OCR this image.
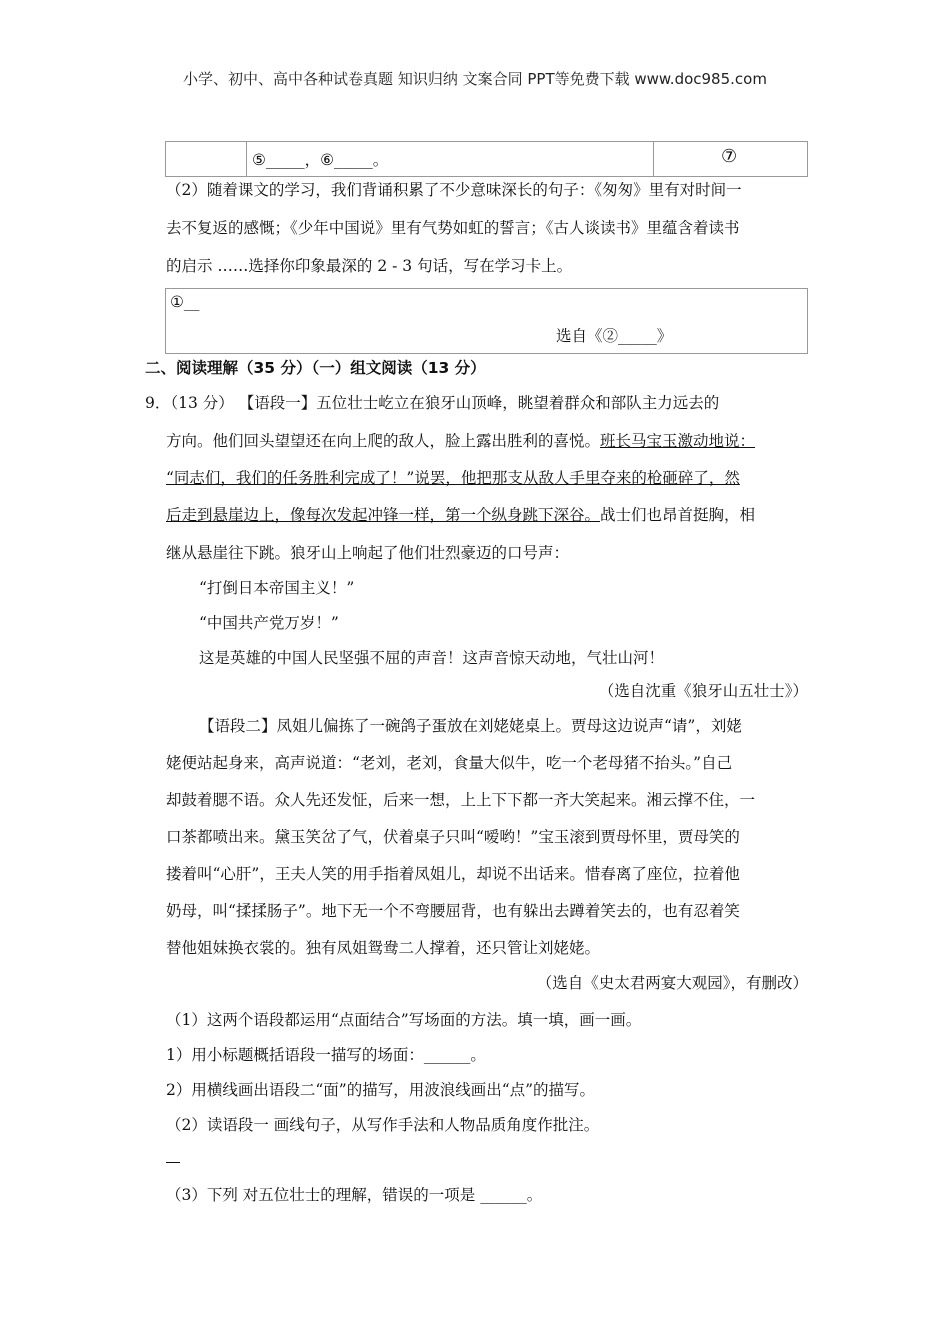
小学、初中、高中各种试卷真题 知识归纳 文案合同 PPT等免费下载 www.doc985.com
⑤_____，⑥_____。	⑦
（2）随着课文的学习，我们背诵积累了不少意味深长的句子：《匆匆》里有对时间一
去不复返的感慨；《少年中国说》里有气势如虹的誓言；《古人谈读书》里蕴含着读书
的启示 ……选择你印象最深的 2 - 3 句话，写在学习卡上。
①__
选自《②_____》
二、阅读理解（35 分）（一）组文阅读（13 分）
9．（13 分） 【语段一】五位壮士屹立在狼牙山顶峰，眺望着群众和部队主力远去的
方向。他们回头望望还在向上爬的敌人，脸上露出胜利的喜悦。班长马宝玉激动地说：
“同志们，我们的任务胜利完成了！”说罢，他把那支从敌人手里夺来的枪砸碎了，然
后走到悬崖边上，像每次发起冲锋一样，第一个纵身跳下深谷。战士们也昂首挺胸，相
继从悬崖往下跳。狼牙山上响起了他们壮烈豪迈的口号声：
“打倒日本帝国主义！”
“中国共产党万岁！”
这是英雄的中国人民坚强不屈的声音！这声音惊天动地，气壮山河！
（选自沈重《狼牙山五壮士》）
【语段二】凤姐儿偏拣了一碗鸽子蛋放在刘姥姥桌上。贾母这边说声“请”，刘姥
姥便站起身来，高声说道：“老刘，老刘，食量大似牛，吃一个老母猪不抬头。”自己
却鼓着腮不语。众人先还发怔，后来一想，上上下下都一齐大笑起来。湘云撑不住，一
口茶都喷出来。黛玉笑岔了气，伏着桌子只叫“嗳哟！”宝玉滚到贾母怀里，贾母笑的
搂着叫“心肝”，王夫人笑的用手指着凤姐儿，却说不出话来。惜春离了座位，拉着他
奶母，叫“揉揉肠子”。地下无一个不弯腰屈背，也有躲出去蹲着笑去的，也有忍着笑
替他姐妹换衣裳的。独有凤姐鸳鸯二人撑着，还只管让刘姥姥。
（选自《史太君两宴大观园》，有删改）
（1）这两个语段都运用“点面结合”写场面的方法。填一填，画一画。
1）用小标题概括语段一描写的场面：______。
2）用横线画出语段二“面”的描写，用波浪线画出“点”的描写。
（2）读语段一 画线句子，从写作手法和人物品质角度作批注。
（3）下列 对五位壮士的理解，错误的一项是 ______。
